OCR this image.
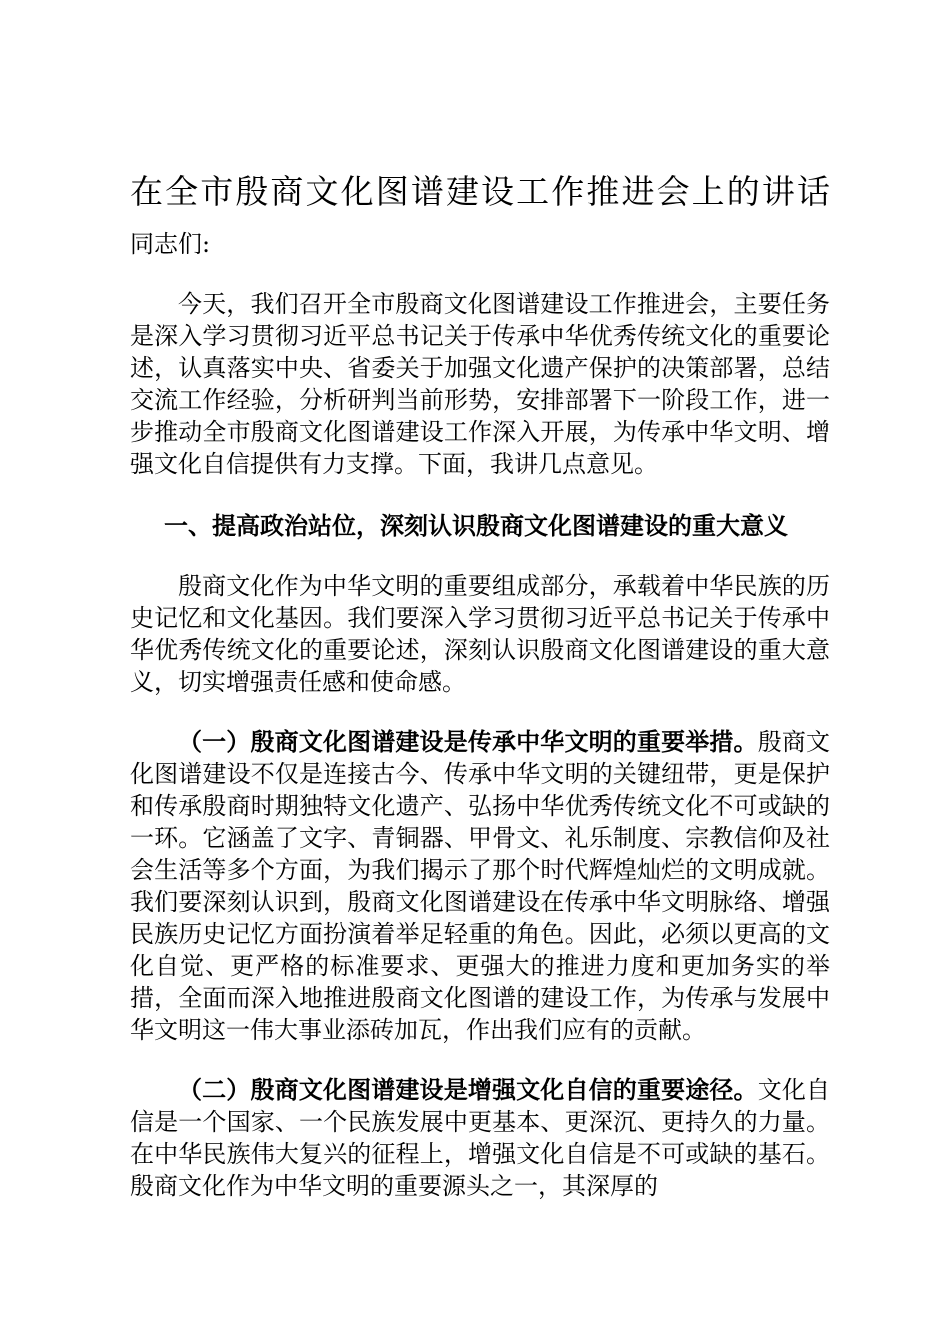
在全市殷商文化图谱建设工作推进会上的讲话

同志们:

今天，我们召开全市殷商文化图谱建设工作推进会，主要任务是深入学习贯彻习近平总书记关于传承中华优秀传统文化的重要论述，认真落实中央、省委关于加强文化遗产保护的决策部署，总结交流工作经验，分析研判当前形势，安排部署下一阶段工作，进一步推动全市殷商文化图谱建设工作深入开展，为传承中华文明、增强文化自信提供有力支撑。下面，我讲几点意见。

一、提高政治站位，深刻认识殷商文化图谱建设的重大意义

殷商文化作为中华文明的重要组成部分，承载着中华民族的历史记忆和文化基因。我们要深入学习贯彻习近平总书记关于传承中华优秀传统文化的重要论述，深刻认识殷商文化图谱建设的重大意义，切实增强责任感和使命感。

（一）殷商文化图谱建设是传承中华文明的重要举措。殷商文化图谱建设不仅是连接古今、传承中华文明的关键纽带，更是保护和传承殷商时期独特文化遗产、弘扬中华优秀传统文化不可或缺的一环。它涵盖了文字、青铜器、甲骨文、礼乐制度、宗教信仰及社会生活等多个方面，为我们揭示了那个时代辉煌灿烂的文明成就。我们要深刻认识到，殷商文化图谱建设在传承中华文明脉络、增强民族历史记忆方面扮演着举足轻重的角色。因此，必须以更高的文化自觉、更严格的标准要求、更强大的推进力度和更加务实的举措，全面而深入地推进殷商文化图谱的建设工作，为传承与发展中华文明这一伟大事业添砖加瓦，作出我们应有的贡献。

（二）殷商文化图谱建设是增强文化自信的重要途径。文化自信是一个国家、一个民族发展中更基本、更深沉、更持久的力量。在中华民族伟大复兴的征程上，增强文化自信是不可或缺的基石。殷商文化作为中华文明的重要源头之一，其深厚的
